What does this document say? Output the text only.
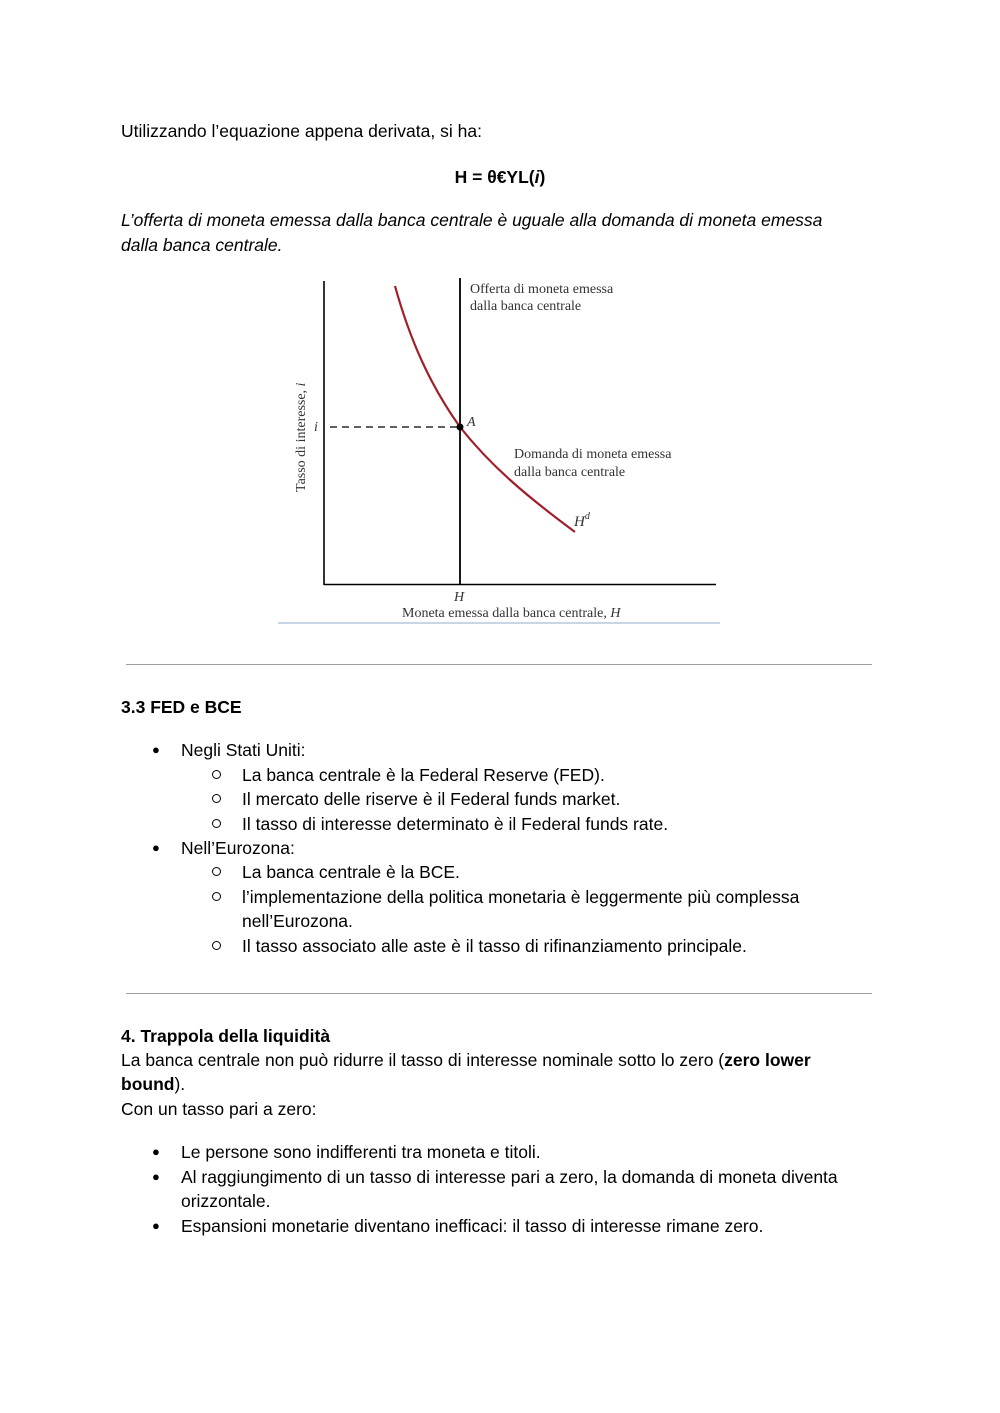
Utilizzando l’equazione appena derivata, si ha:
H = θ€YL(i)
L’offerta di moneta emessa dalla banca centrale è uguale alla domanda di moneta emessa
dalla banca centrale.
Offerta di moneta emessa
dalla banca centrale
A
i
Domanda di moneta emessa
dalla banca centrale
$H^d$
H
Moneta emessa dalla banca centrale, H
Tasso di interesse, i
3.3 FED e BCE
● Negli Stati Uniti:
La banca centrale è la Federal Reserve (FED).
Il mercato delle riserve è il Federal funds market.
Il tasso di interesse determinato è il Federal funds rate.
● Nell’Eurozona:
La banca centrale è la BCE.
l’implementazione della politica monetaria è leggermente più complessa
nell’Eurozona.
Il tasso associato alle aste è il tasso di rifinanziamento principale.
4. Trappola della liquidità
La banca centrale non può ridurre il tasso di interesse nominale sotto lo zero (zero lower
bound).
Con un tasso pari a zero:
● Le persone sono indifferenti tra moneta e titoli.
● Al raggiungimento di un tasso di interesse pari a zero, la domanda di moneta diventa
orizzontale.
● Espansioni monetarie diventano inefficaci: il tasso di interesse rimane zero.
